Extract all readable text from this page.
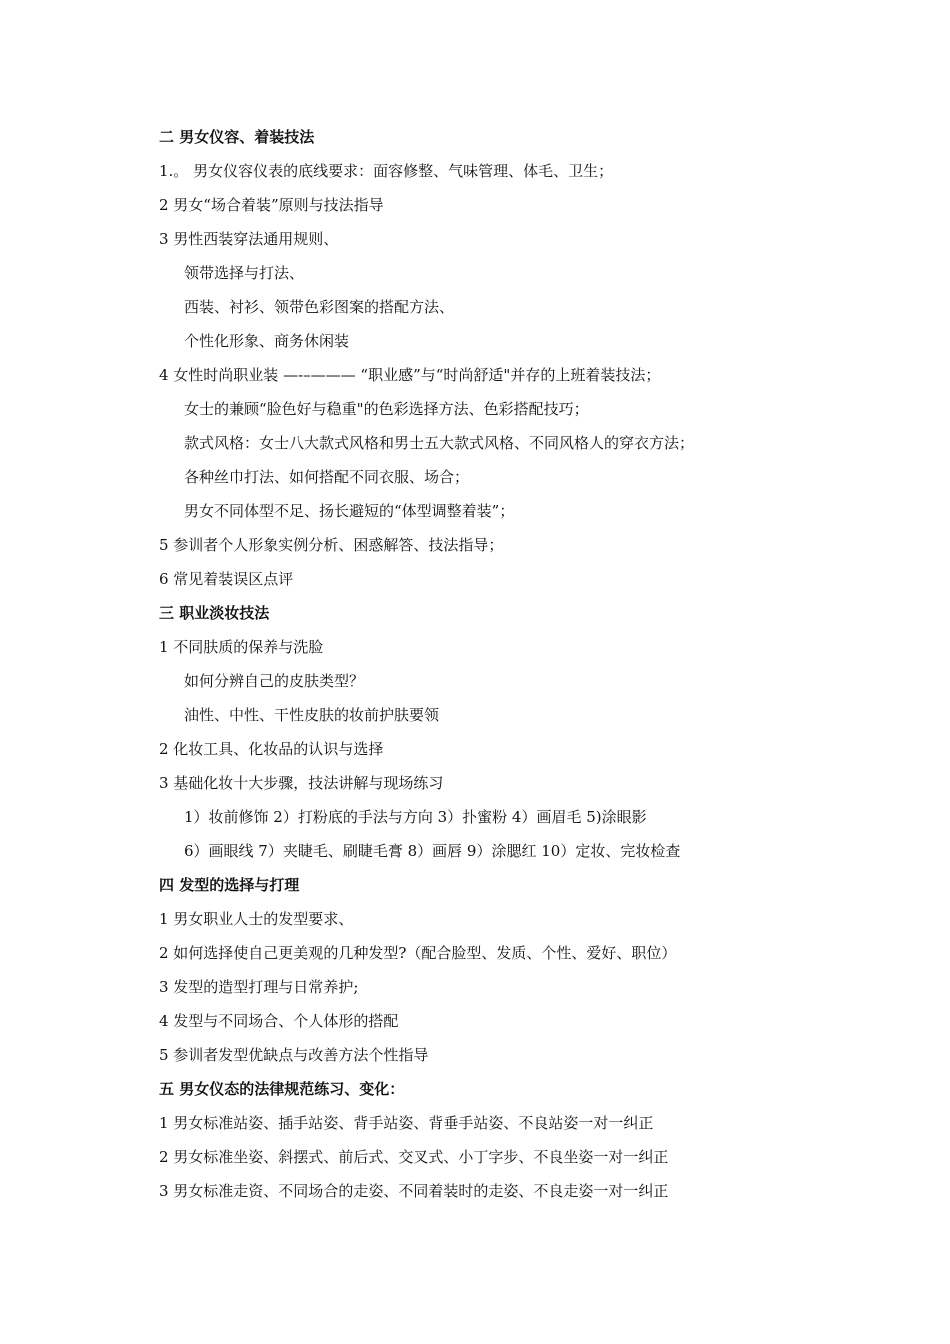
二 男女仪容、着装技法
1.。 男女仪容仪表的底线要求：面容修整、气味管理、体毛、卫生；
2 男女“场合着装”原则与技法指导
3 男性西装穿法通用规则、
领带选择与打法、
西装、衬衫、领带色彩图案的搭配方法、
个性化形象、商务休闲装
4 女性时尚职业装 —-–——— “职业感”与“时尚舒适"并存的上班着装技法；
女士的兼顾“脸色好与稳重"的色彩选择方法、色彩搭配技巧；
款式风格：女士八大款式风格和男士五大款式风格、不同风格人的穿衣方法；
各种丝巾打法、如何搭配不同衣服、场合；
男女不同体型不足、扬长避短的“体型调整着装”；
5 参训者个人形象实例分析、困惑解答、技法指导；
6 常见着装误区点评
三 职业淡妆技法
1 不同肤质的保养与洗脸
如何分辨自己的皮肤类型？
油性、中性、干性皮肤的妆前护肤要领
2 化妆工具、化妆品的认识与选择
3 基础化妆十大步骤，技法讲解与现场练习
1）妆前修饰 2）打粉底的手法与方向 3）扑蜜粉 4）画眉毛 5)涂眼影
6）画眼线 7）夹睫毛、刷睫毛膏 8）画唇 9）涂腮红 10）定妆、完妆检查
四 发型的选择与打理
1 男女职业人士的发型要求、
2 如何选择使自己更美观的几种发型?（配合脸型、发质、个性、爱好、职位）
3 发型的造型打理与日常养护;
4 发型与不同场合、个人体形的搭配
5 参训者发型优缺点与改善方法个性指导
五 男女仪态的法律规范练习、变化：
1 男女标准站姿、插手站姿、背手站姿、背垂手站姿、不良站姿一对一纠正
2 男女标准坐姿、斜摆式、前后式、交叉式、小丁字步、不良坐姿一对一纠正
3 男女标准走资、不同场合的走姿、不同着装时的走姿、不良走姿一对一纠正
